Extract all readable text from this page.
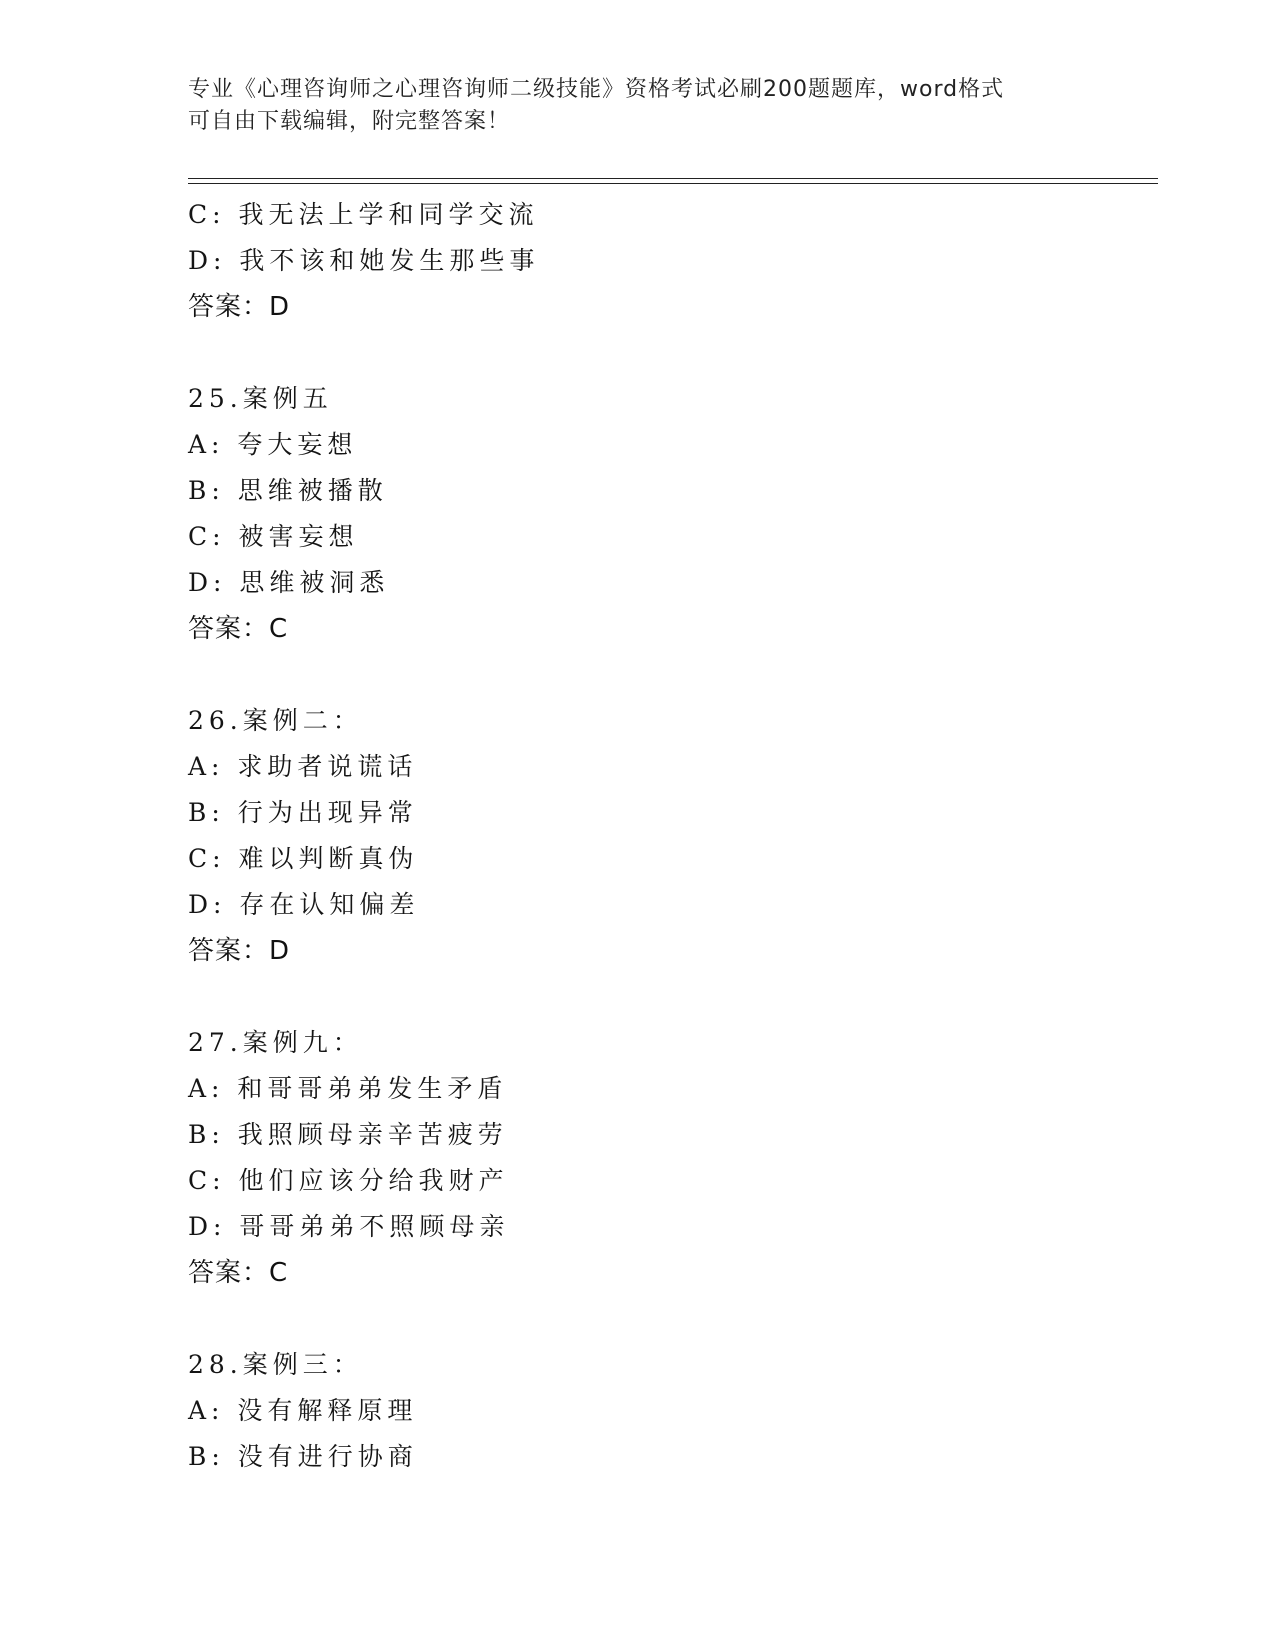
专业《心理咨询师之心理咨询师二级技能》资格考试必刷200题题库，word格式
可自由下载编辑，附完整答案！
C: 我无法上学和同学交流
D: 我不该和她发生那些事
答案：D
25.案例五
A: 夸大妄想
B: 思维被播散
C: 被害妄想
D: 思维被洞悉
答案：C
26.案例二：
A: 求助者说谎话
B: 行为出现异常
C: 难以判断真伪
D: 存在认知偏差
答案：D
27.案例九：
A: 和哥哥弟弟发生矛盾
B: 我照顾母亲辛苦疲劳
C: 他们应该分给我财产
D: 哥哥弟弟不照顾母亲
答案：C
28.案例三：
A: 没有解释原理
B: 没有进行协商
